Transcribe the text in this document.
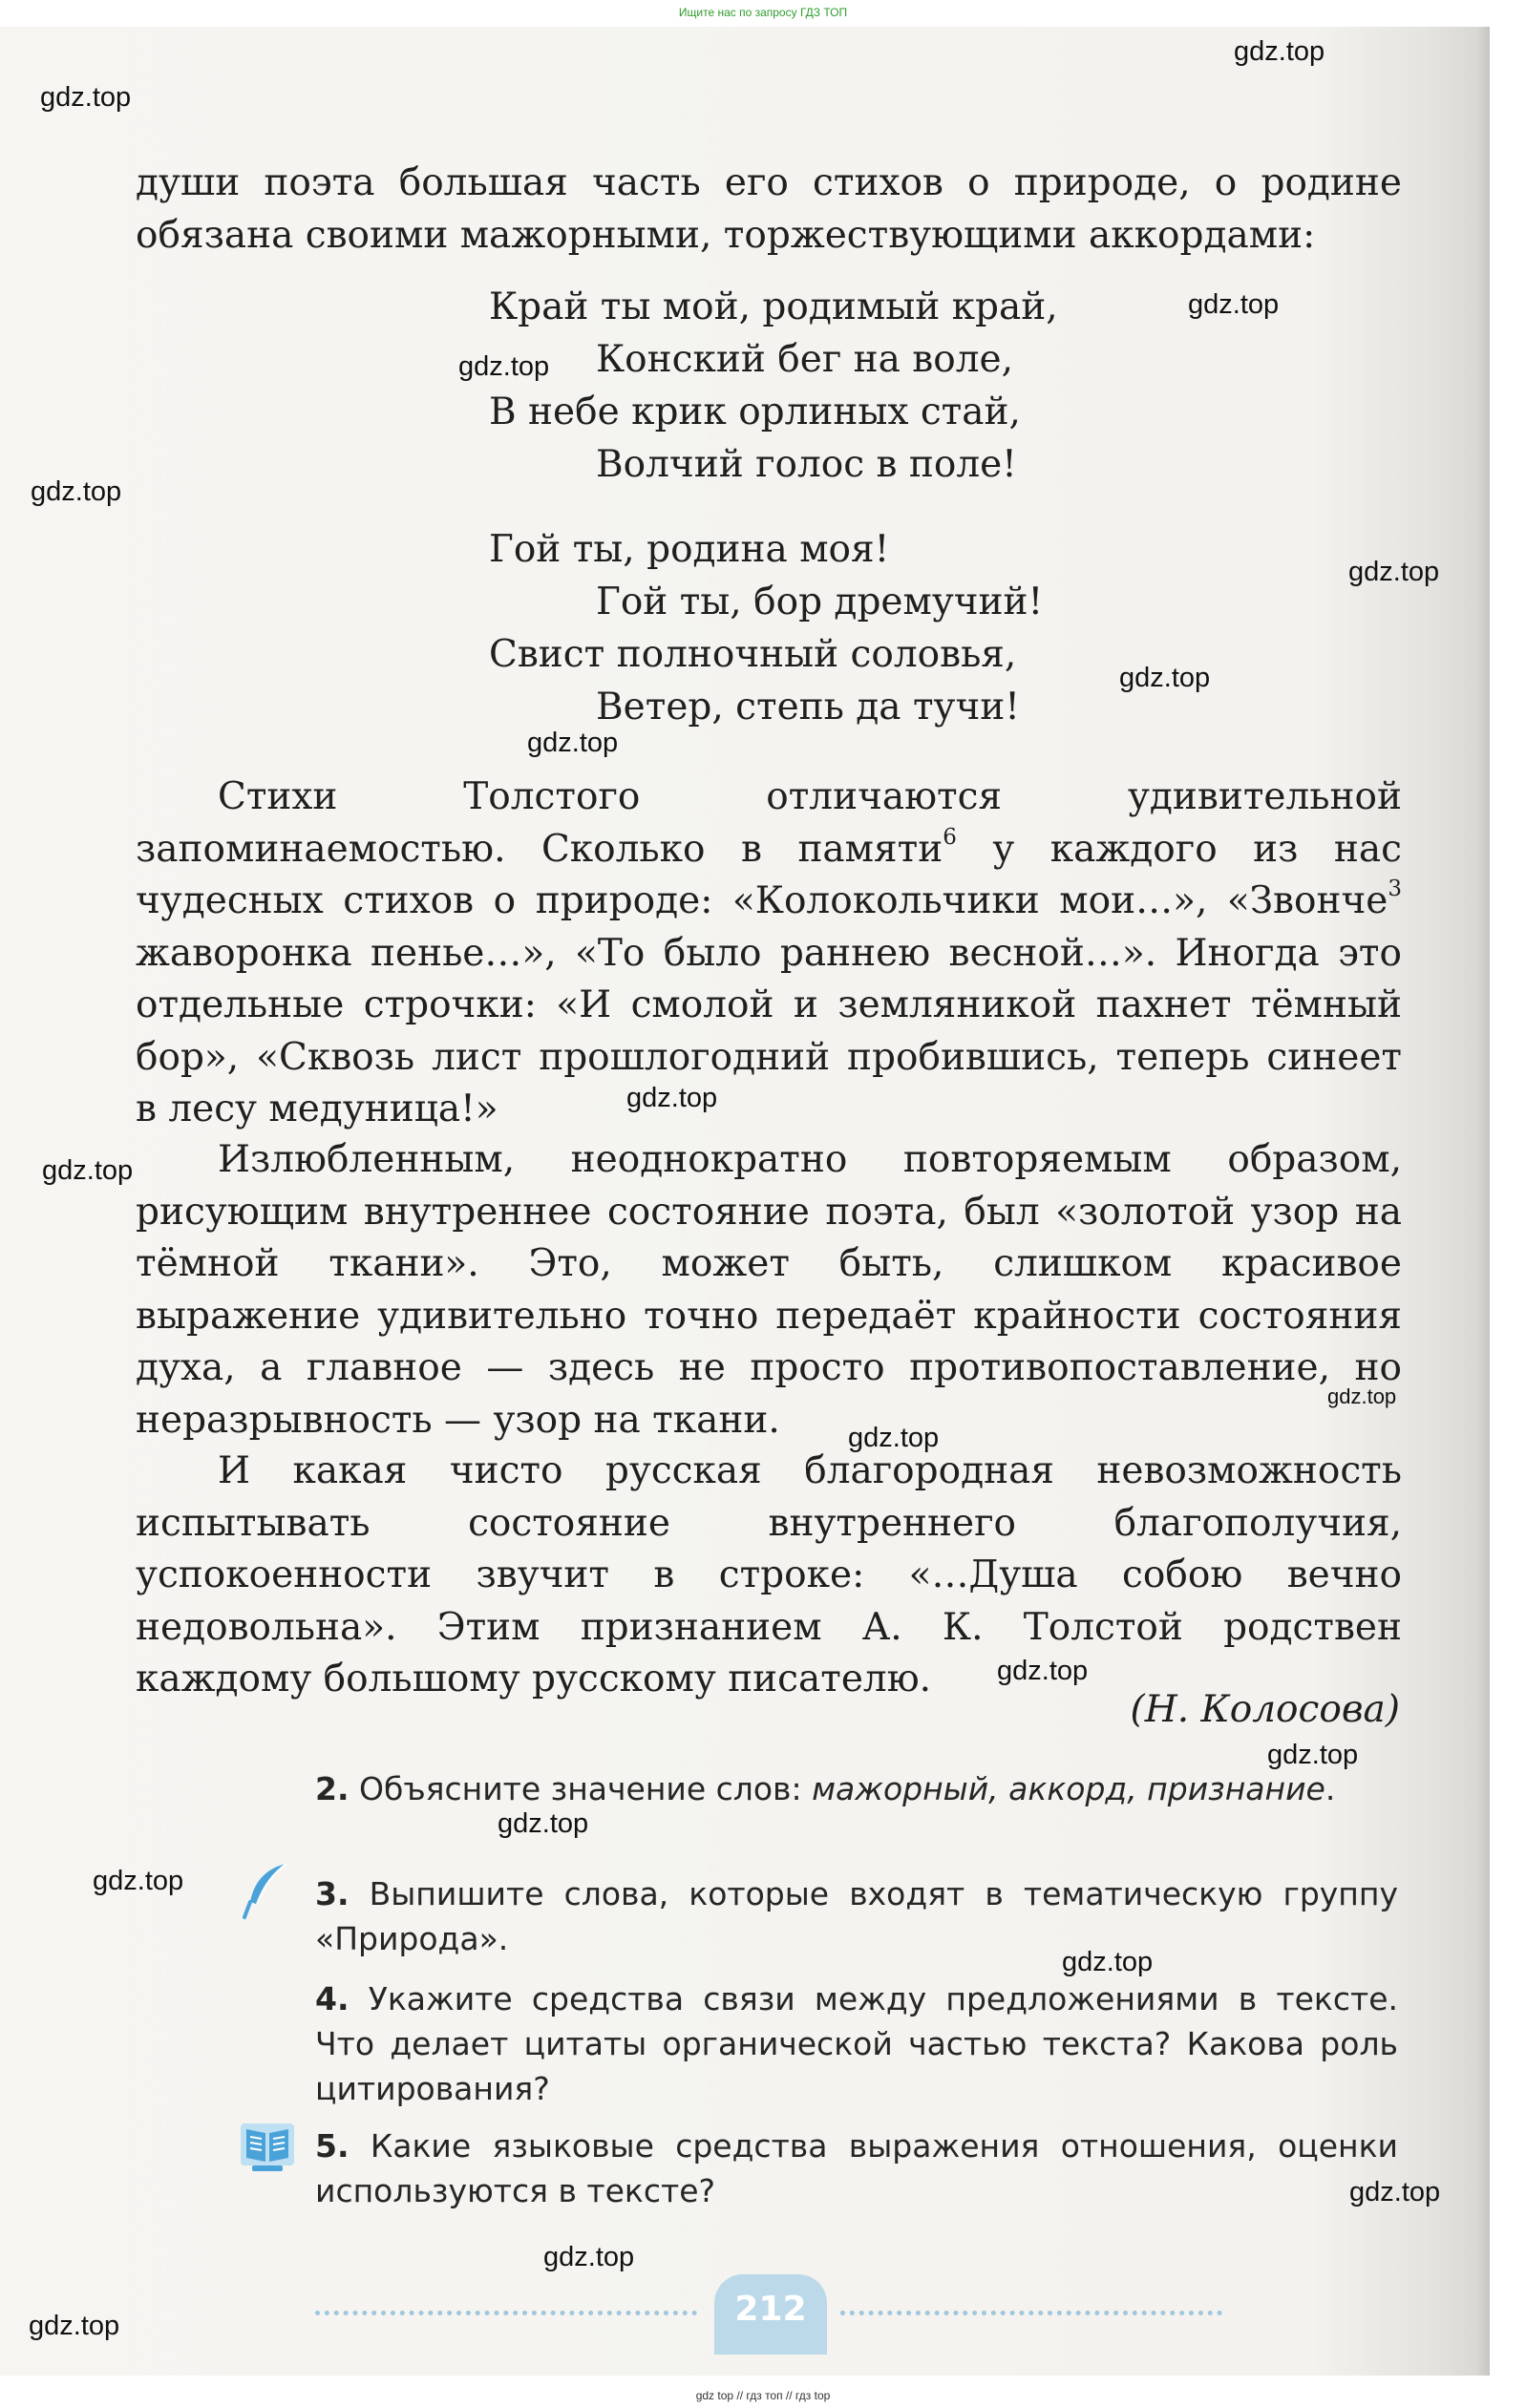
Ищите нас по запросу ГДЗ ТОП

души поэта большая часть его стихов о природе, о родине обязана своими мажорными, торжествующими аккордами:

Край ты мой, родимый край,
Конский бег на воле,
В небе крик орлиных стай,
Волчий голос в поле!
Гой ты, родина моя!
Гой ты, бор дремучий!
Свист полночный соловья,
Ветер, степь да тучи!

Стихи Толстого отличаются удивительной запоминаемостью. Сколько в памяти$^6$ у каждого из нас чудесных стихов о природе: «Колокольчики мои…», «Звонче$^3$ жаворонка пенье…», «То было раннею весной…». Иногда это отдельные строчки: «И смолой и земляникой пахнет тёмный бор», «Сквозь лист прошлогодний пробившись, теперь синеет в лесу медуница!»

Излюбленным, неоднократно повторяемым образом, рисующим внутреннее состояние поэта, был «золотой узор на тёмной ткани». Это, может быть, слишком красивое выражение удивительно точно передаёт крайности состояния духа, а главное — здесь не просто противопоставление, но неразрывность — узор на ткани.

И какая чисто русская благородная невозможность испытывать состояние внутреннего благополучия, успокоенности звучит в строке: «…Душа собою вечно недовольна». Этим признанием А. К. Толстой родствен каждому большому русскому писателю.

(Н. Колосова)
2. Объясните значение слов: мажорный, аккорд, признание.
3. Выпишите слова, которые входят в тематическую группу «Природа».
4. Укажите средства связи между предложениями в тексте. Что делает цитаты органической частью текста? Какова роль цитирования?
5. Какие языковые средства выражения отношения, оценки используются в тексте?
212
gdz.top
gdz.top
gdz.top
gdz.top
gdz.top
gdz.top
gdz.top
gdz.top
gdz.top
gdz.top
gdz.top
gdz.top
gdz.top
gdz.top
gdz.top
gdz.top
gdz.top
gdz.top
gdz.top
gdz.top
gdz top // гдз топ // гдз top
